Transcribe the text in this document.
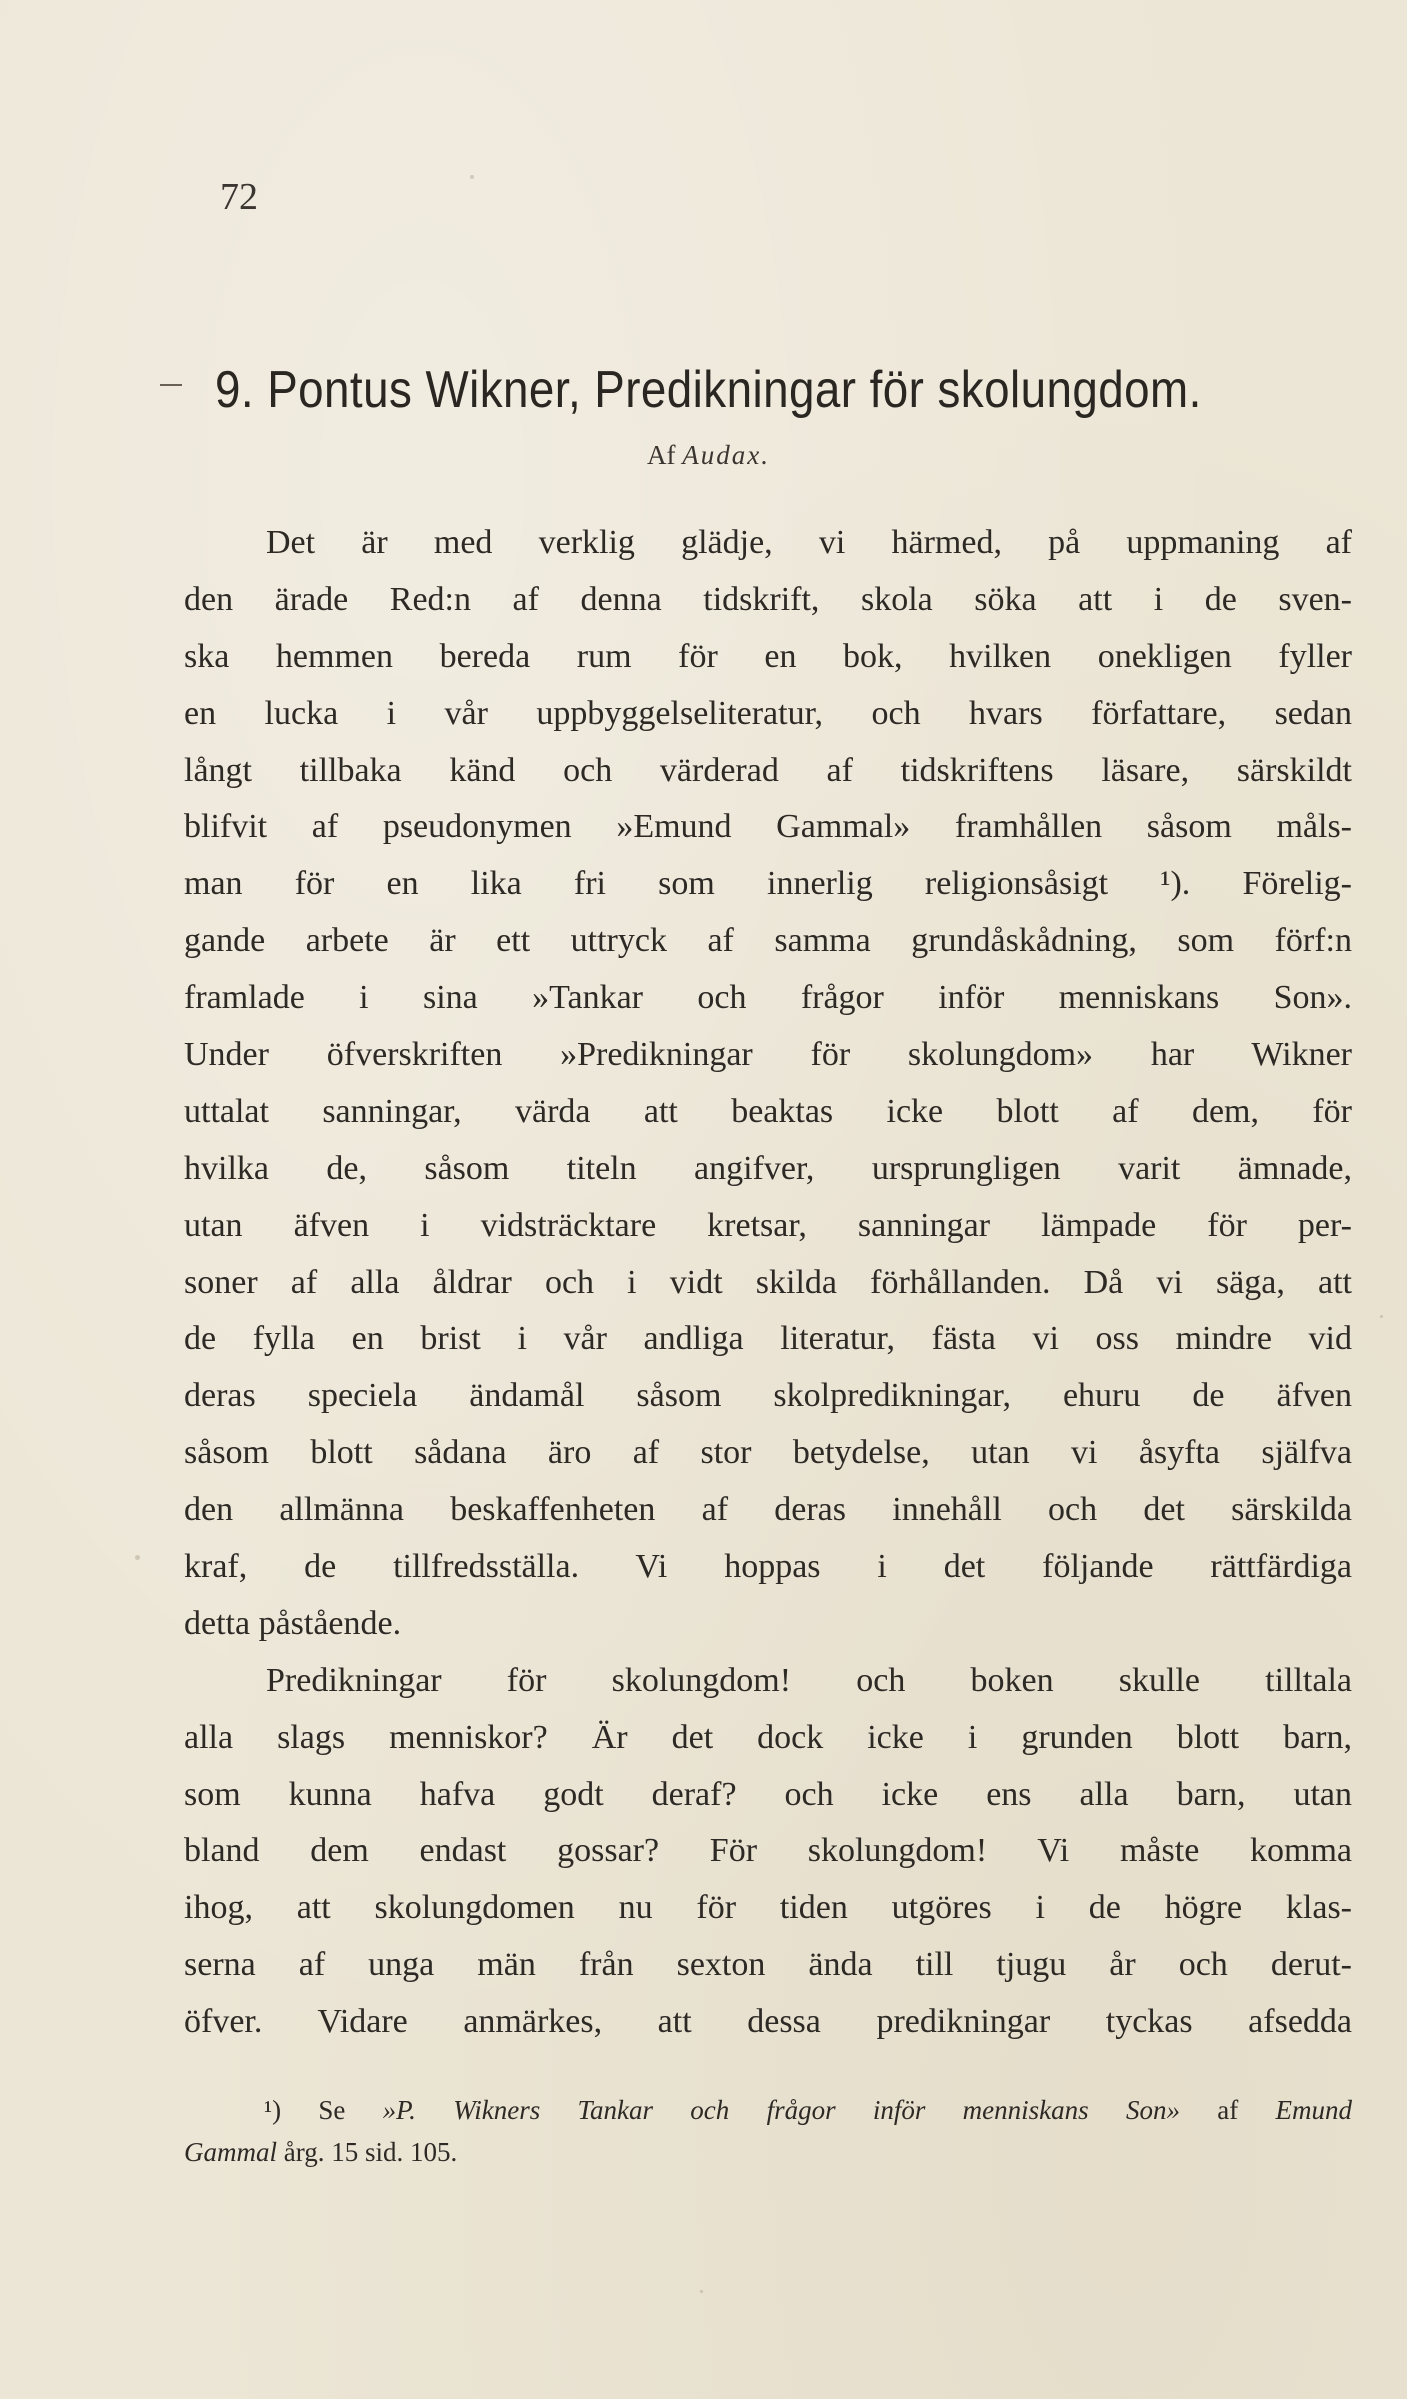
72
9. Pontus Wikner, Predikningar för skolungdom.
Af Audax.
Det är med verklig glädje, vi härmed, på uppmaning af
den ärade Red:n af denna tidskrift, skola söka att i de sven-
ska hemmen bereda rum för en bok, hvilken onekligen fyller
en lucka i vår uppbyggelseliteratur, och hvars författare, sedan
långt tillbaka känd och värderad af tidskriftens läsare, särskildt
blifvit af pseudonymen »Emund Gammal» framhållen såsom måls-
man för en lika fri som innerlig religionsåsigt ¹). Förelig-
gande arbete är ett uttryck af samma grundåskådning, som förf:n
framlade i sina »Tankar och frågor inför menniskans Son».
Under öfverskriften »Predikningar för skolungdom» har Wikner
uttalat sanningar, värda att beaktas icke blott af dem, för
hvilka de, såsom titeln angifver, ursprungligen varit ämnade,
utan äfven i vidsträcktare kretsar, sanningar lämpade för per-
soner af alla åldrar och i vidt skilda förhållanden. Då vi säga, att
de fylla en brist i vår andliga literatur, fästa vi oss mindre vid
deras speciela ändamål såsom skolpredikningar, ehuru de äfven
såsom blott sådana äro af stor betydelse, utan vi åsyfta själfva
den allmänna beskaffenheten af deras innehåll och det särskilda
kraf, de tillfredsställa. Vi hoppas i det följande rättfärdiga
detta påstående.
Predikningar för skolungdom! och boken skulle tilltala
alla slags menniskor? Är det dock icke i grunden blott barn,
som kunna hafva godt deraf? och icke ens alla barn, utan
bland dem endast gossar? För skolungdom! Vi måste komma
ihog, att skolungdomen nu för tiden utgöres i de högre klas-
serna af unga män från sexton ända till tjugu år och derut-
öfver. Vidare anmärkes, att dessa predikningar tyckas afsedda
¹) Se »P. Wikners Tankar och frågor inför menniskans Son» af Emund
Gammal årg. 15 sid. 105.
